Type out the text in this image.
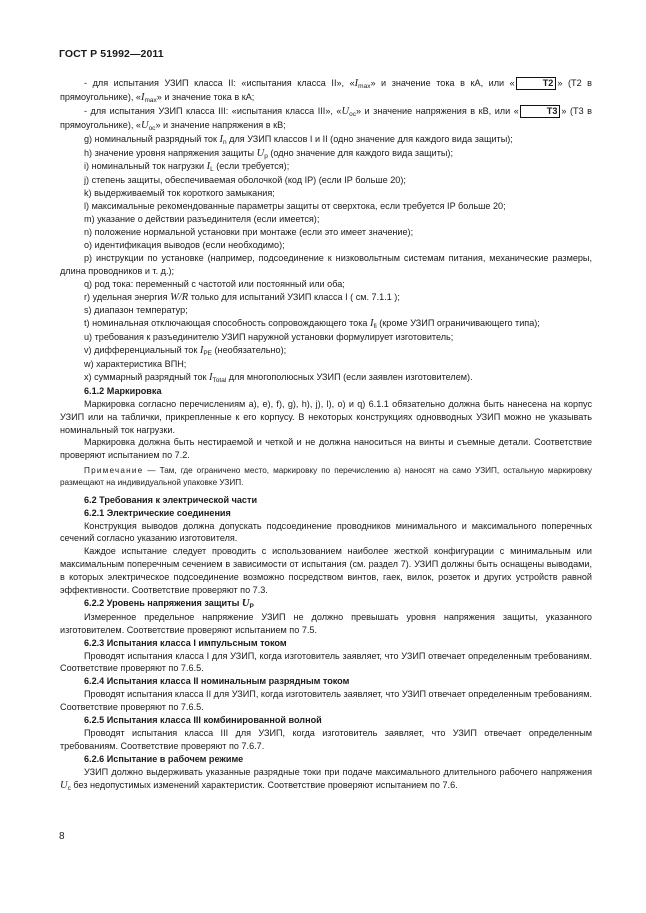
ГОСТ Р 51992—2011

- для испытания УЗИП класса II: «испытания класса II», «$I_{max}$» и значение тока в кА, или «	T2 » (T2 в прямоугольнике), «$I_{max}$» и значение тока в кА;

- для испытания УЗИП класса III: «испытания класса III», «$U_{oc}$» и значение напряжения в кВ, или «	T3 » (T3 в прямоугольнике), «$U_{oc}$» и значение напряжения в кВ;

g) номинальный разрядный ток $I_n$ для УЗИП классов I и II (одно значение для каждого вида защиты);

h) значение уровня напряжения защиты $U_p$ (одно значение для каждого вида защиты);

i) номинальный ток нагрузки $I_L$ (если требуется);

j) степень защиты, обеспечиваемая оболочкой (код IP) (если IP больше 20);

k) выдерживаемый ток короткого замыкания;

l) максимальные рекомендованные параметры защиты от сверхтока, если требуется IP больше 20;

m) указание о действии разъединителя (если имеется);

n) положение нормальной установки при монтаже (если это имеет значение);

o) идентификация выводов (если необходимо);

p) инструкции по установке (например, подсоединение к низковольтным системам питания, механические размеры, длина проводников и т. д.);

q) род тока: переменный с частотой или постоянный или оба;

r) удельная энергия W/R только для испытаний УЗИП класса I ( см. 7.1.1 );

s) диапазон температур;

t) номинальная отключающая способность сопровождающего тока $I_{fi}$ (кроме УЗИП ограничивающего типа);

u) требования к разъединителю УЗИП наружной установки формулирует изготовитель;

v) дифференциальный ток $I_{PE}$ (необязательно);

w) характеристика ВПН;

x) суммарный разрядный ток $I_{Total}$ для многополюсных УЗИП (если заявлен изготовителем).

6.1.2 Маркировка

Маркировка согласно перечислениям a), e), f), g), h), j), l), o) и q) 6.1.1 обязательно должна быть нанесена на корпус УЗИП или на таблички, прикрепленные к его корпусу. В некоторых конструкциях одновводных УЗИП можно не указывать номинальный ток нагрузки.

Маркировка должна быть нестираемой и четкой и не должна наноситься на винты и съемные детали. Соответствие проверяют испытанием по 7.2.

Примечание — Там, где ограничено место, маркировку по перечислению a) наносят на само УЗИП, остальную маркировку размещают на индивидуальной упаковке УЗИП.

6.2 Требования к электрической части
6.2.1 Электрические соединения

Конструкция выводов должна допускать подсоединение проводников минимального и максимального поперечных сечений согласно указанию изготовителя.

Каждое испытание следует проводить с использованием наиболее жесткой конфигурации с минимальным или максимальным поперечным сечением в зависимости от испытания (см. раздел 7). УЗИП должны быть оснащены выводами, в которых электрическое подсоединение возможно посредством винтов, гаек, вилок, розеток и других устройств равной эффективности. Соответствие проверяют по 7.3.

6.2.2 Уровень напряжения защиты $U_P$

Измеренное предельное напряжение УЗИП не должно превышать уровня напряжения защиты, указанного изготовителем. Соответствие проверяют испытанием по 7.5.

6.2.3 Испытания класса I импульсным током

Проводят испытания класса I для УЗИП, когда изготовитель заявляет, что УЗИП отвечает определенным требованиям. Соответствие проверяют по 7.6.5.

6.2.4 Испытания класса II номинальным разрядным током

Проводят испытания класса II для УЗИП, когда изготовитель заявляет, что УЗИП отвечает определенным требованиям. Соответствие проверяют по 7.6.5.

6.2.5 Испытания класса III комбинированной волной

Проводят испытания класса III для УЗИП, когда изготовитель заявляет, что УЗИП отвечает определенным требованиям. Соответствие проверяют по 7.6.7.

6.2.6 Испытание в рабочем режиме

УЗИП должно выдерживать указанные разрядные токи при подаче максимального длительного рабочего напряжения $U_c$ без недопустимых изменений характеристик. Соответствие проверяют испытанием по 7.6.

8
